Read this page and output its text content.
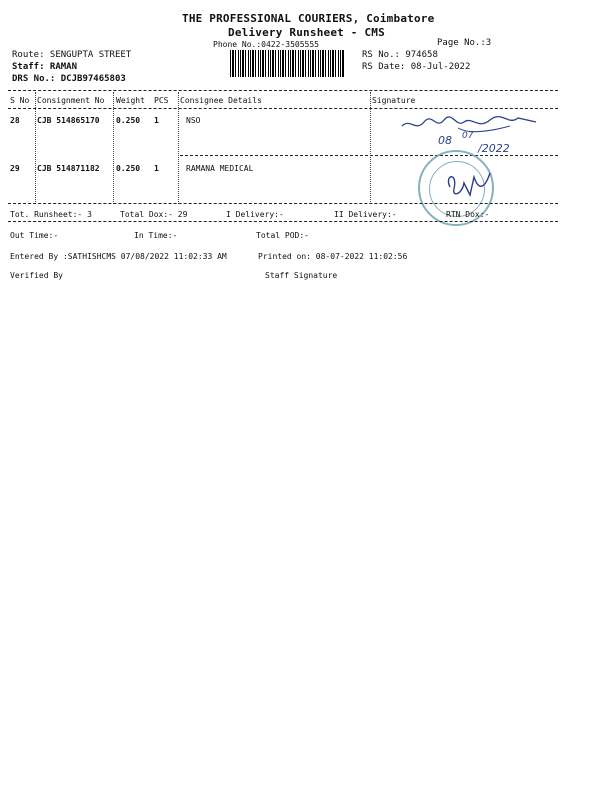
THE PROFESSIONAL COURIERS, Coimbatore
Delivery Runsheet - CMS
Phone No.:0422-3505555	Page No.:3
Route: SENGUPTA STREET
Staff: RAMAN
DRS No.: DCJB97465803
RS No.: 974658
RS Date: 08-Jul-2022
S No Consignment No Weight PCS Consignee Details	Signature
28 CJB 514865170 0.250 1	NSO
08 07
/2022
29 CJB 514871182 0.250 1	RAMANA MEDICAL
Tot. Runsheet:- 3	Total Dox:- 29	I Delivery:-	II Delivery:-	RTN Dox:-
Out Time:-	In Time:-	Total POD:-
Entered By :SATHISHCMS 07/08/2022 11:02:33 AM	Printed on: 08-07-2022 11:02:56
Verified By	Staff Signature
